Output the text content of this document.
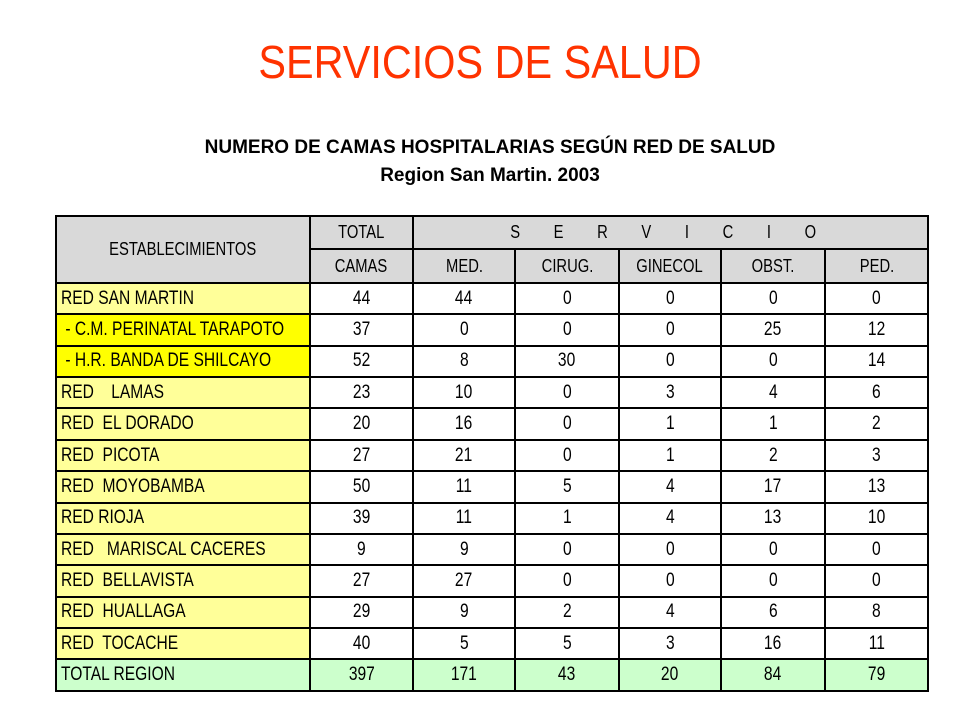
SERVICIOS DE SALUD
NUMERO DE CAMAS HOSPITALARIAS SEGÚN RED DE SALUD
Region San Martin. 2003
ESTABLECIMIENTOS	TOTAL	S E R V I C I O				
	CAMAS	MED.	CIRUG.	GINECOL	OBST.	PED.
RED SAN MARTIN	44	44	0	0	0	0
- C.M. PERINATAL TARAPOTO	37	0	0	0	25	12
- H.R. BANDA DE SHILCAYO	52	8	30	0	0	14
RED    LAMAS	23	10	0	3	4	6
RED  EL DORADO	20	16	0	1	1	2
RED  PICOTA	27	21	0	1	2	3
RED  MOYOBAMBA	50	11	5	4	17	13
RED RIOJA	39	11	1	4	13	10
RED   MARISCAL CACERES	9	9	0	0	0	0
RED  BELLAVISTA	27	27	0	0	0	0
RED  HUALLAGA	29	9	2	4	6	8
RED  TOCACHE	40	5	5	3	16	11
TOTAL REGION	397	171	43	20	84	79
